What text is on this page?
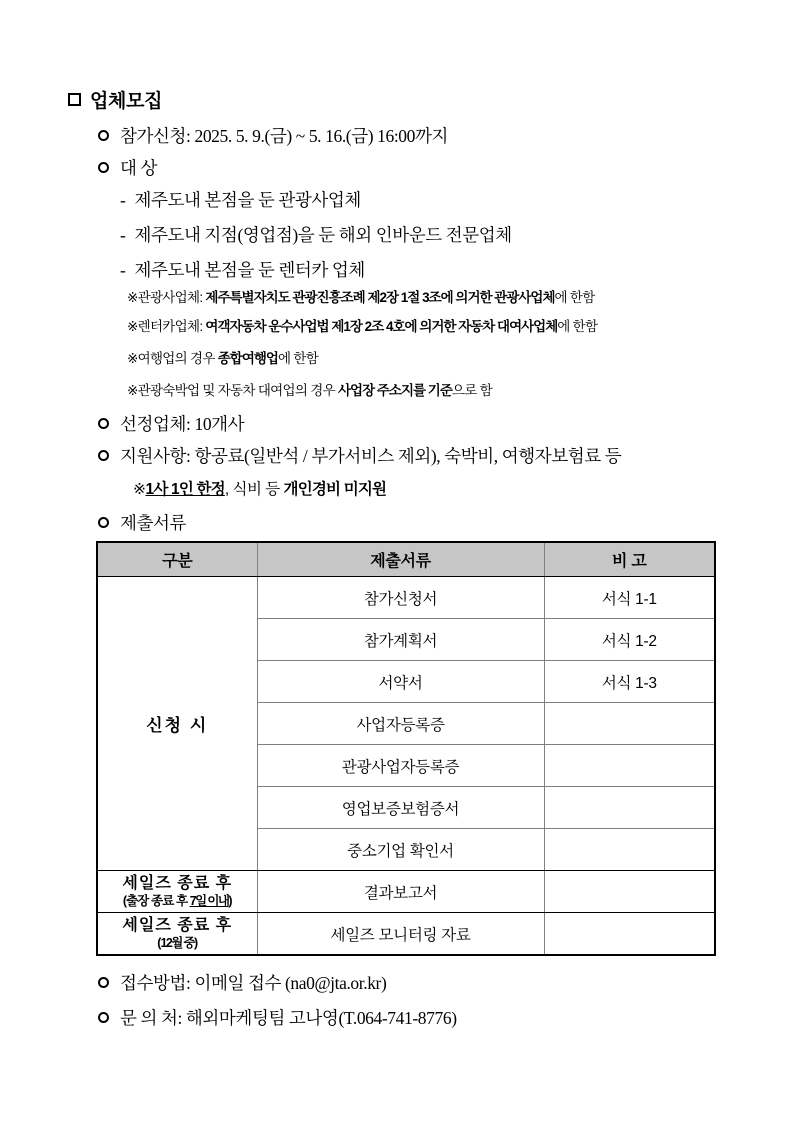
업체모집
참가신청: 2025. 5. 9.(금) ~ 5. 16.(금) 16:00까지
대 상
- 제주도내 본점을 둔 관광사업체
- 제주도내 지점(영업점)을 둔 해외 인바운드 전문업체
- 제주도내 본점을 둔 렌터카 업체
※관광사업체: 제주특별자치도 관광진흥조례 제2장 1절 3조에 의거한 관광사업체에 한함
※렌터카업체: 여객자동차 운수사업법 제1장 2조 4호에 의거한 자동차 대여사업체에 한함
※여행업의 경우 종합여행업에 한함
※관광숙박업 및 자동차 대여업의 경우 사업장 주소지를 기준으로 함
선정업체: 10개사
지원사항: 항공료(일반석 / 부가서비스 제외), 숙박비, 여행자보험료 등
※1사 1인 한정, 식비 등 개인경비 미지원
제출서류
구분	제출서류	비 고
신청 시	참가신청서	서식 1-1
	참가계획서	서식 1-2
	서약서	서식 1-3
	사업자등록증	
	관광사업자등록증	
	영업보증보험증서	
	중소기업 확인서	

세일즈 종료 후
(출장 종료 후 7일 이내)	결과보고서	

세일즈 종료 후
(12월 중)	세일즈 모니터링 자료	
접수방법: 이메일 접수 (na0@jta.or.kr)
문 의 처: 해외마케팅팀 고나영(T.064-741-8776)
